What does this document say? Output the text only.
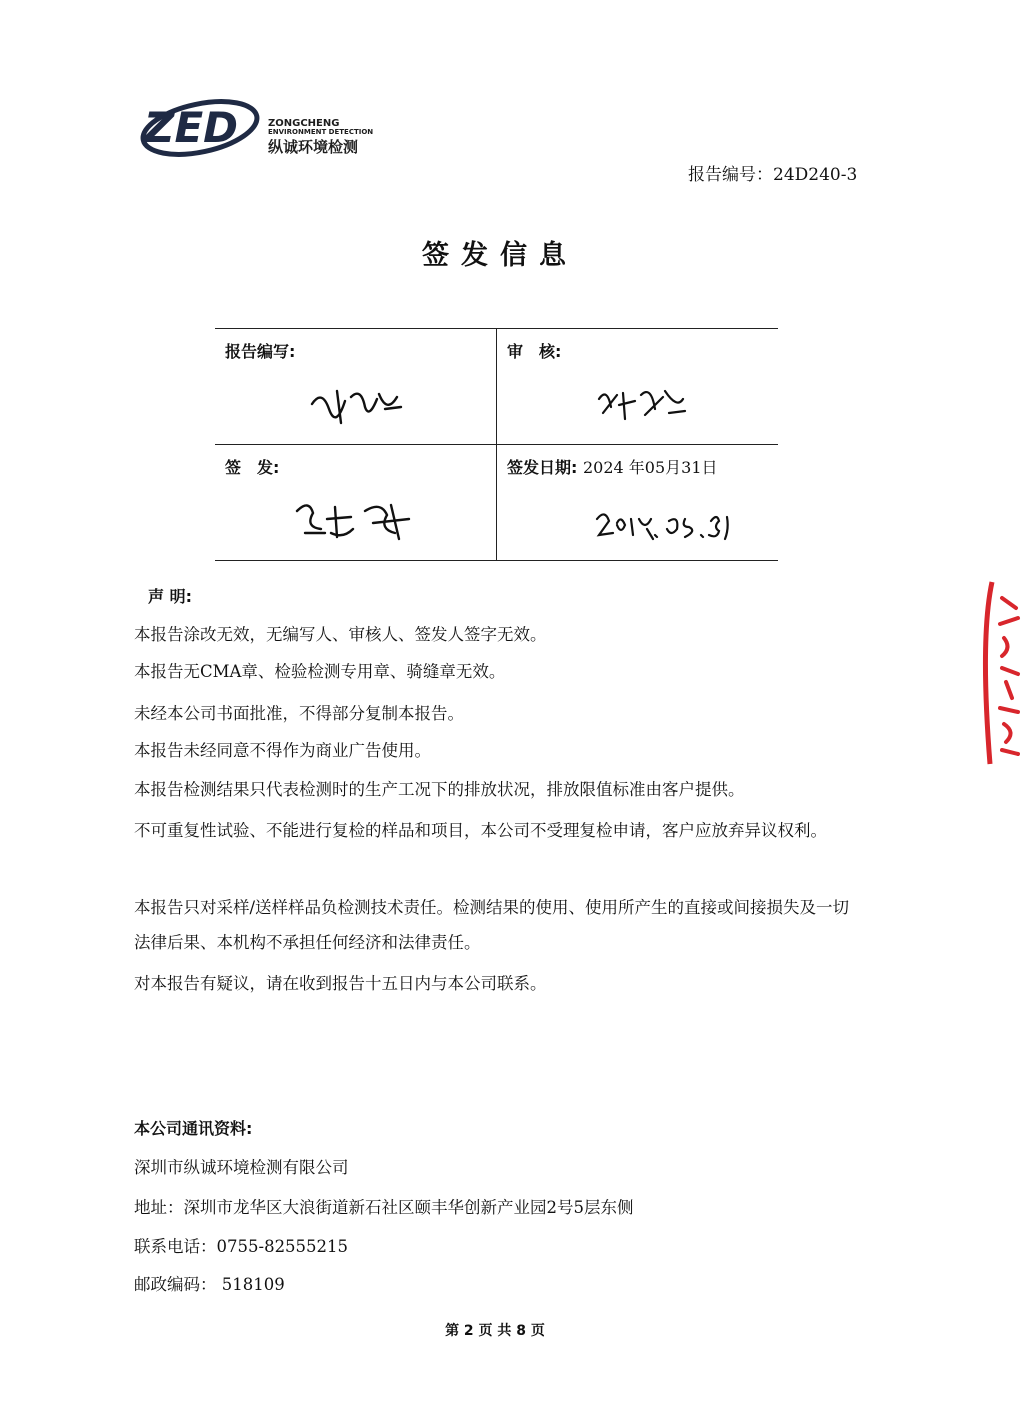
ZED	ZONGCHENG
ENVIRONMENT DETECTION
纵诚环境检测
报告编号：24D240-3
签发信息
报告编写:	审　核:

签　发:	签发日期: 2024 年05月31日
声 明:
本报告涂改无效，无编写人、审核人、签发人签字无效。
本报告无CMA章、检验检测专用章、骑缝章无效。
未经本公司书面批准，不得部分复制本报告。
本报告未经同意不得作为商业广告使用。
本报告检测结果只代表检测时的生产工况下的排放状况，排放限值标准由客户提供。
不可重复性试验、不能进行复检的样品和项目，本公司不受理复检申请，客户应放弃异议权利。
本报告只对采样/送样样品负检测技术责任。检测结果的使用、使用所产生的直接或间接损失及一切法律后果、本机构不承担任何经济和法律责任。
对本报告有疑议，请在收到报告十五日内与本公司联系。
本公司通讯资料:
深圳市纵诚环境检测有限公司
地址：深圳市龙华区大浪街道新石社区颐丰华创新产业园2号5层东侧
联系电话：0755-82555215
邮政编码： 518109
第 2 页 共 8 页
